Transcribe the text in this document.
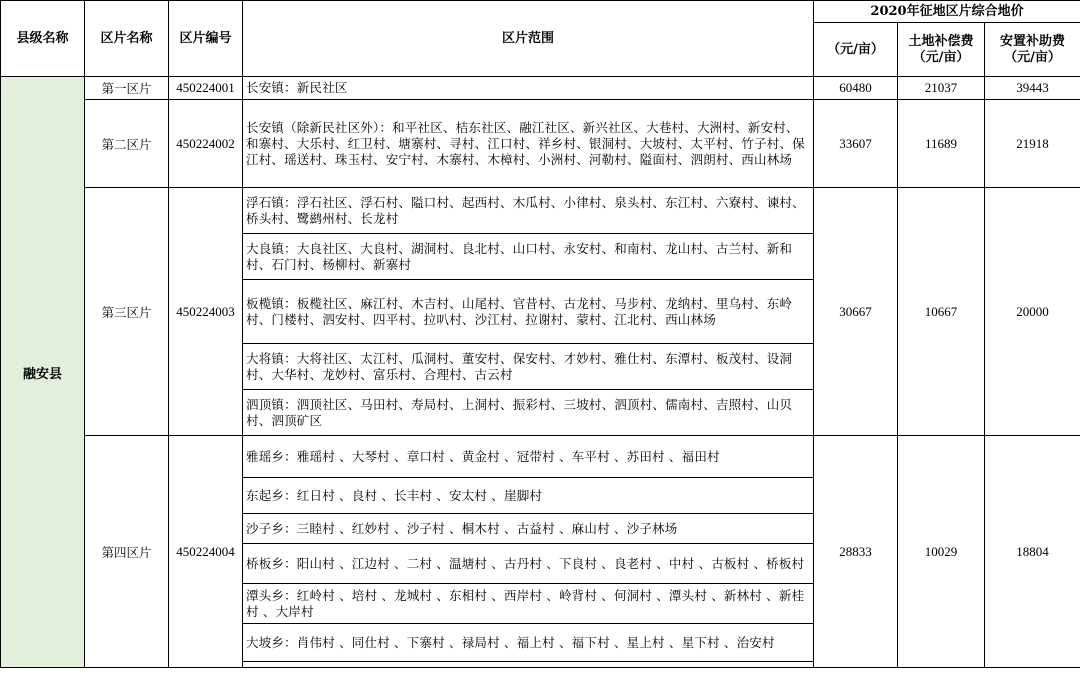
县级名称	区片名称	区片编号	区片范围	2020年征地区片综合地价		
				（元/亩）	土地补偿费（元/亩）	安置补助费（元/亩）
融安县	第一区片	450224001	长安镇：新民社区	60480	21037	39443
	第二区片	450224002	长安镇（除新民社区外）：和平社区、桔东社区、融江社区、新兴社区、大巷村、大洲村、新安村、和寨村、大乐村、红卫村、塘寨村、寻村、江口村、祥乡村、银洞村、大坡村、太平村、竹子村、保江村、瑶送村、珠玉村、安宁村、木寨村、木樟村、小洲村、河勒村、隘面村、泗朗村、西山林场	33607	11689	21918
	第三区片	450224003	浮石镇：浮石社区、浮石村、隘口村、起西村、木瓜村、小律村、泉头村、东江村、六寮村、谏村、桥头村、鹭鹚州村、长龙村	30667	10667	20000
			大良镇：大良社区、大良村、湖洞村、良北村、山口村、永安村、和南村、龙山村、古兰村、新和村、石门村、杨柳村、新寨村			
			板榄镇：板榄社区、麻江村、木吉村、山尾村、官昔村、古龙村、马步村、龙纳村、里乌村、东岭村、门楼村、泗安村、四平村、拉叭村、沙江村、拉谢村、蒙村、江北村、西山林场			
			大将镇：大将社区、太江村、瓜洞村、董安村、保安村、才妙村、雅仕村、东潭村、板茂村、设洞村、大华村、龙妙村、富乐村、合理村、古云村			
			泗顶镇：泗顶社区、马田村、寿局村、上洞村、振彩村、三坡村、泗顶村、儒南村、吉照村、山贝村、泗顶矿区			
	第四区片	450224004	雅瑶乡：雅瑶村 、大琴村 、章口村 、黄金村 、冠带村 、车平村 、苏田村 、福田村	28833	10029	18804
			东起乡：红日村 、良村 、长丰村 、安太村 、崖脚村			
			沙子乡：三睦村 、红妙村 、沙子村 、桐木村 、古益村 、麻山村 、沙子林场			
			桥板乡：阳山村 、江边村 、二村 、温塘村 、古丹村 、下良村 、良老村 、中村 、古板村 、桥板村			
			潭头乡：红岭村 、培村 、龙城村 、东相村 、西岸村 、岭背村 、何洞村 、潭头村 、新林村 、新桂村 、大岸村			
			大坡乡：肖伟村 、同仕村 、下寨村 、禄局村 、福上村 、福下村 、星上村 、星下村 、治安村			
